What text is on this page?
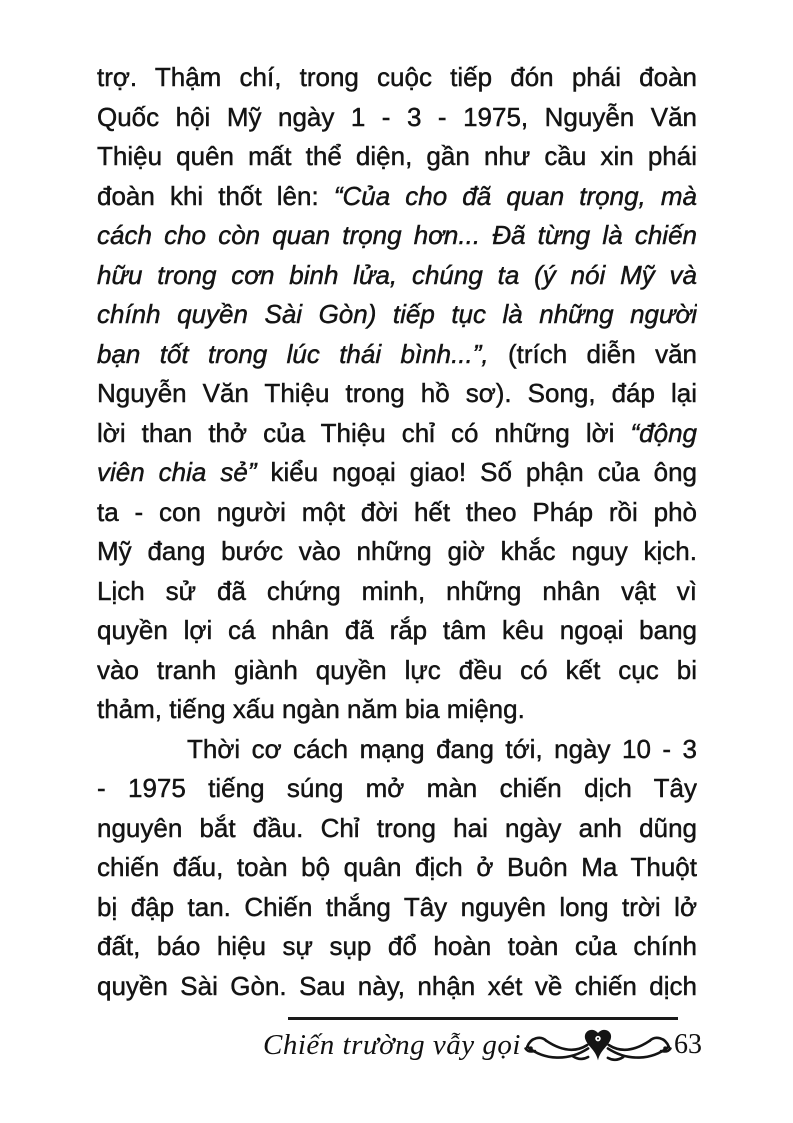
trợ. Thậm chí, trong cuộc tiếp đón phái đoàn
Quốc hội Mỹ ngày 1 - 3 - 1975, Nguyễn Văn
Thiệu quên mất thể diện, gần như cầu xin phái
đoàn khi thốt lên: “Của cho đã quan trọng, mà
cách cho còn quan trọng hơn... Đã từng là chiến
hữu trong cơn binh lửa, chúng ta (ý nói Mỹ và
chính quyền Sài Gòn) tiếp tục là những người
bạn tốt trong lúc thái bình...”, (trích diễn văn
Nguyễn Văn Thiệu trong hồ sơ). Song, đáp lại
lời than thở của Thiệu chỉ có những lời “động
viên chia sẻ” kiểu ngoại giao! Số phận của ông
ta - con người một đời hết theo Pháp rồi phò
Mỹ đang bước vào những giờ khắc nguy kịch.
Lịch sử đã chứng minh, những nhân vật vì
quyền lợi cá nhân đã rắp tâm kêu ngoại bang
vào tranh giành quyền lực đều có kết cục bi
thảm, tiếng xấu ngàn năm bia miệng.
Thời cơ cách mạng đang tới, ngày 10 - 3
- 1975 tiếng súng mở màn chiến dịch Tây
nguyên bắt đầu. Chỉ trong hai ngày anh dũng
chiến đấu, toàn bộ quân địch ở Buôn Ma Thuột
bị đập tan. Chiến thắng Tây nguyên long trời lở
đất, báo hiệu sự sụp đổ hoàn toàn của chính
quyền Sài Gòn. Sau này, nhận xét về chiến dịch
Chiến trường vẫy gọi	63
